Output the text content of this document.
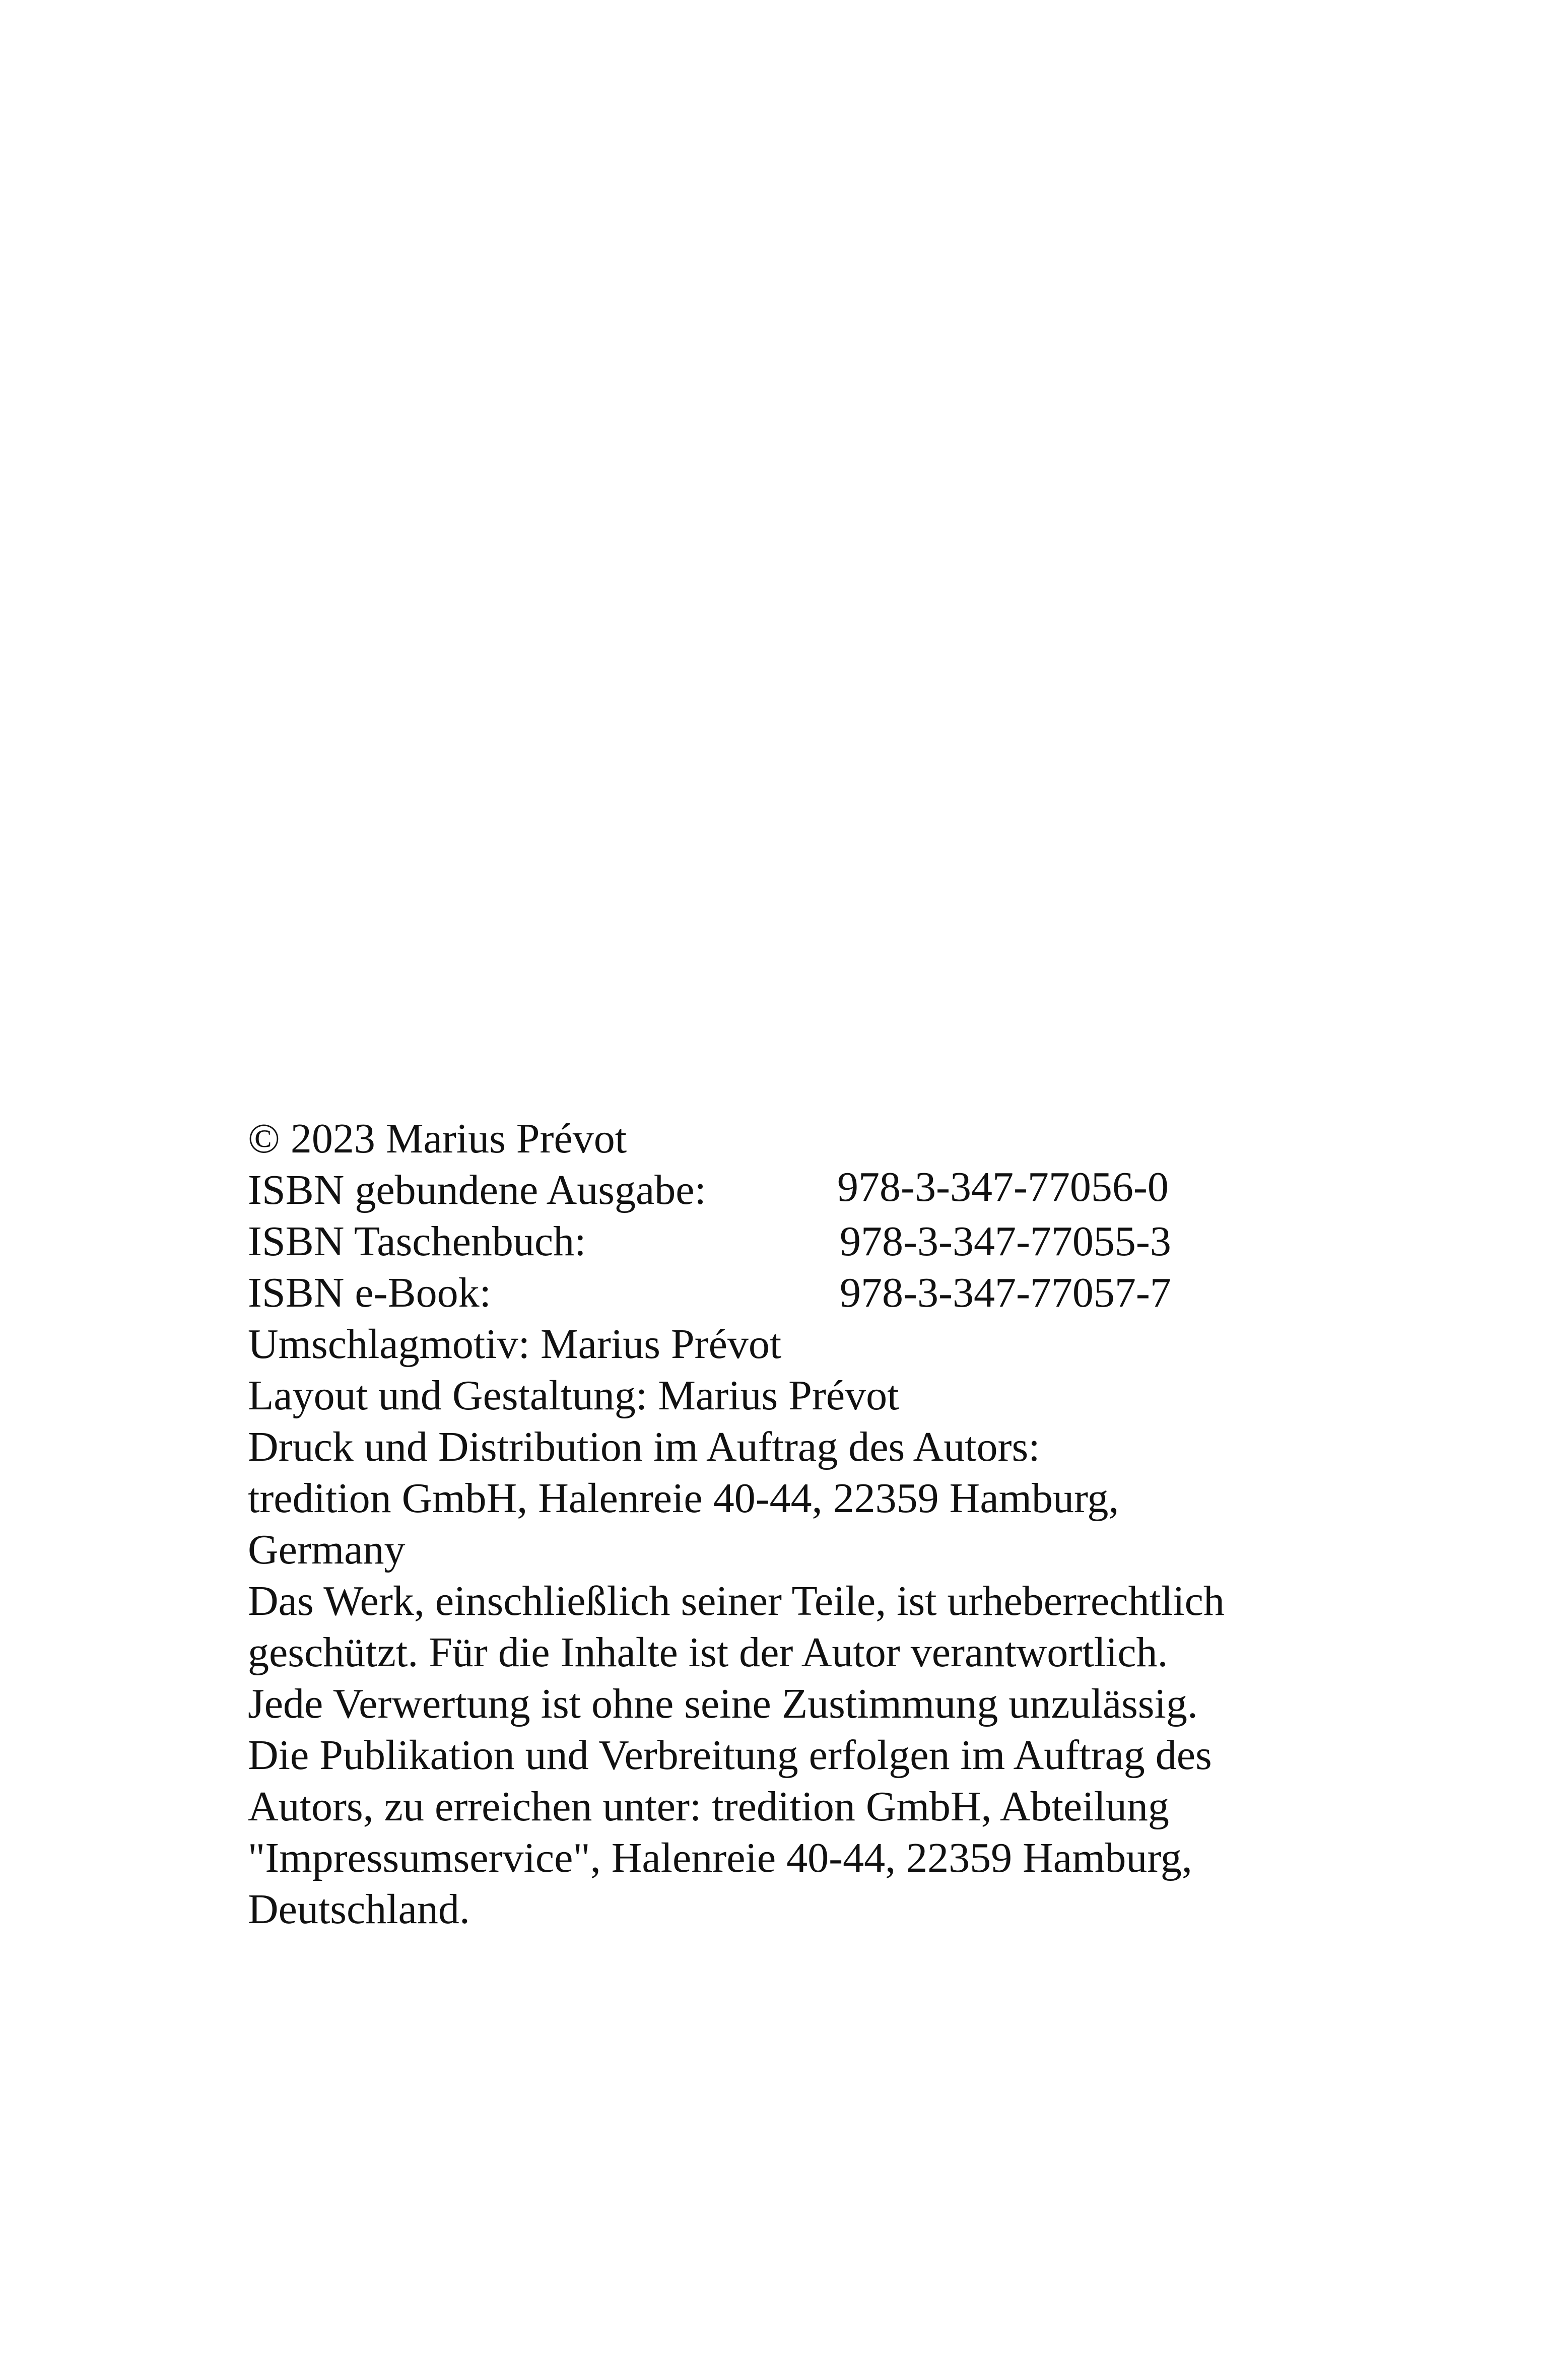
© 2023 Marius Prévot
ISBN gebundene Ausgabe:	978-3-347-77056-0
ISBN Taschenbuch:	978-3-347-77055-3
ISBN e-Book:	978-3-347-77057-7
Umschlagmotiv: Marius Prévot
Layout und Gestaltung: Marius Prévot
Druck und Distribution im Auftrag des Autors:
tredition GmbH, Halenreie 40-44, 22359 Hamburg,
Germany
Das Werk, einschließlich seiner Teile, ist urheberrechtlich
geschützt. Für die Inhalte ist der Autor verantwortlich.
Jede Verwertung ist ohne seine Zustimmung unzulässig.
Die Publikation und Verbreitung erfolgen im Auftrag des
Autors, zu erreichen unter: tredition GmbH, Abteilung
"Impressumservice", Halenreie 40-44, 22359 Hamburg,
Deutschland.
